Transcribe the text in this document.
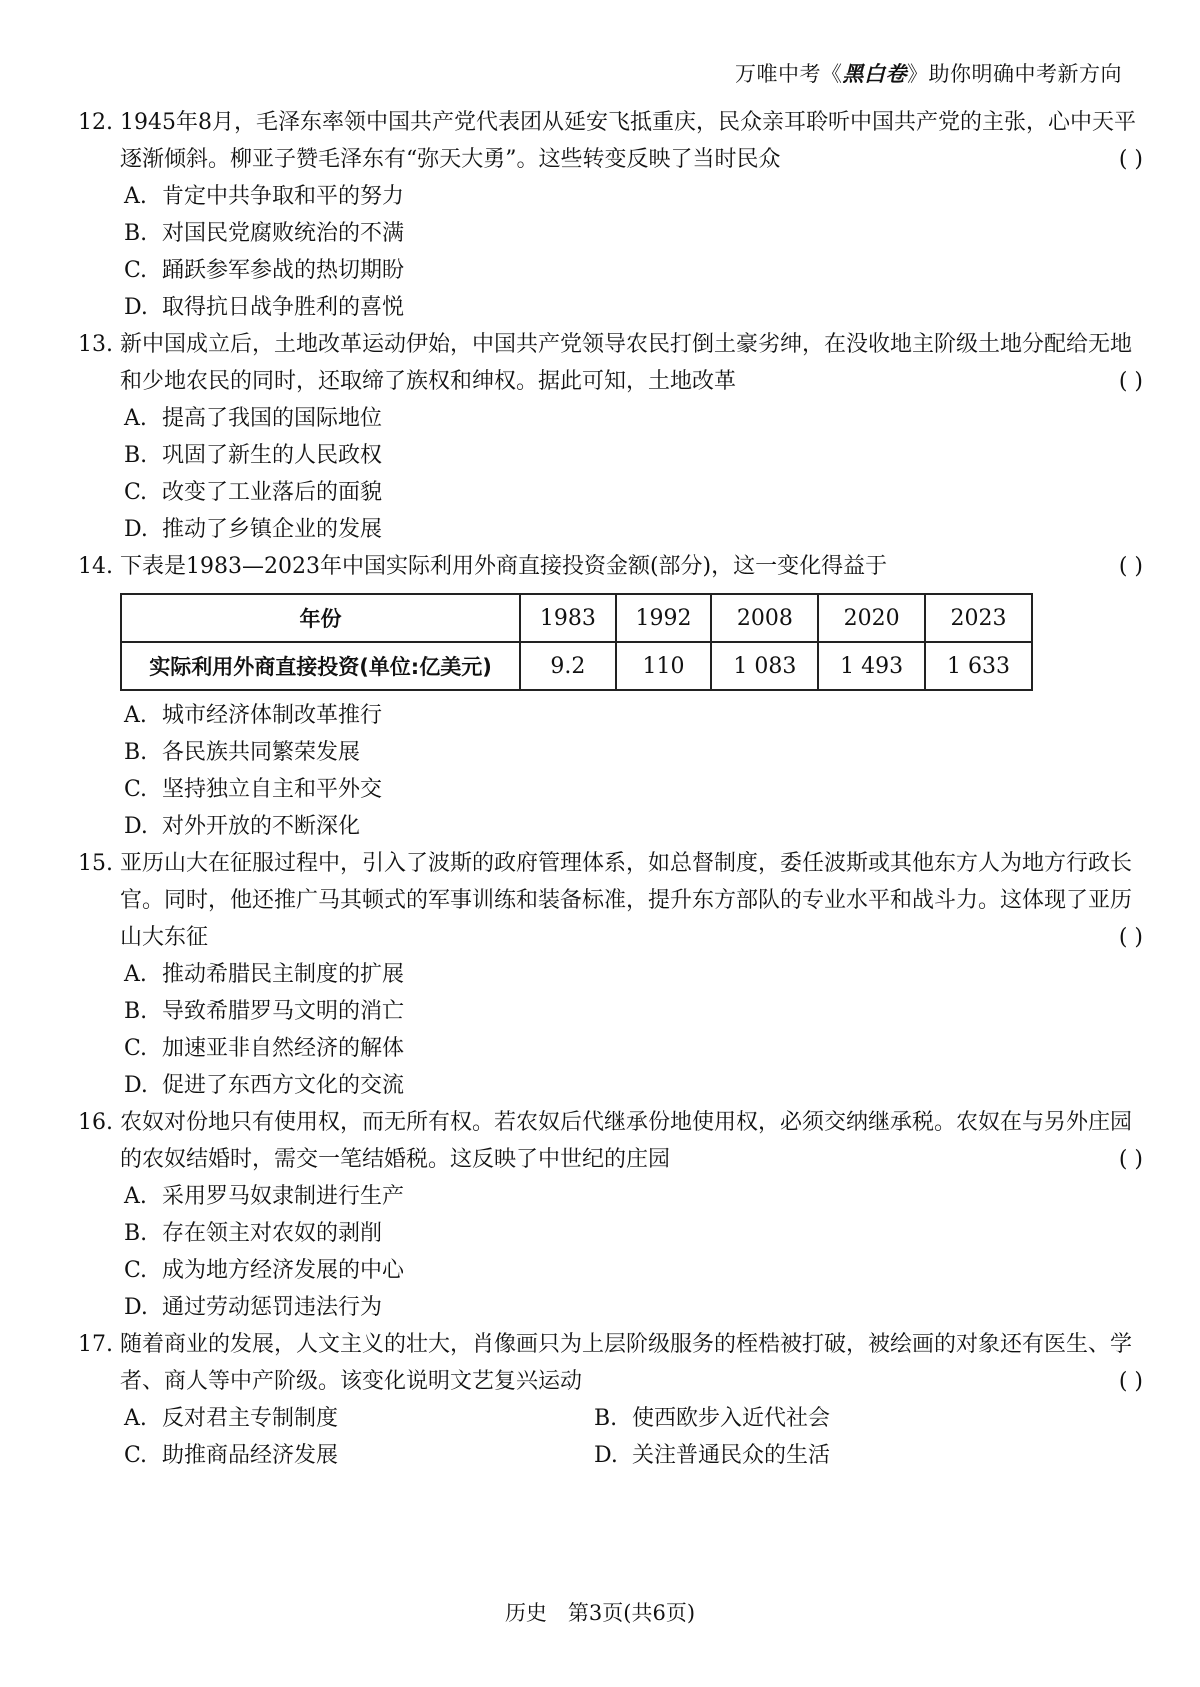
万唯中考《黑白卷》助你明确中考新方向
12. 1945年8月，毛泽东率领中国共产党代表团从延安飞抵重庆，民众亲耳聆听中国共产党的主张，心中天平逐渐倾斜。柳亚子赞毛泽东有“弥天大勇”。这些转变反映了当时民众	( )
A. 肯定中共争取和平的努力
B. 对国民党腐败统治的不满
C. 踊跃参军参战的热切期盼
D. 取得抗日战争胜利的喜悦
13. 新中国成立后，土地改革运动伊始，中国共产党领导农民打倒土豪劣绅，在没收地主阶级土地分配给无地和少地农民的同时，还取缔了族权和绅权。据此可知，土地改革	( )
A. 提高了我国的国际地位
B. 巩固了新生的人民政权
C. 改变了工业落后的面貌
D. 推动了乡镇企业的发展
14. 下表是1983—2023年中国实际利用外商直接投资金额(部分)，这一变化得益于	( )
年份	1983	1992	2008	2020	2023
实际利用外商直接投资(单位:亿美元)	9.2	110	1 083	1 493	1 633
A. 城市经济体制改革推行
B. 各民族共同繁荣发展
C. 坚持独立自主和平外交
D. 对外开放的不断深化
15. 亚历山大在征服过程中，引入了波斯的政府管理体系，如总督制度，委任波斯或其他东方人为地方行政长官。同时，他还推广马其顿式的军事训练和装备标准，提升东方部队的专业水平和战斗力。这体现了亚历山大东征	( )
A. 推动希腊民主制度的扩展
B. 导致希腊罗马文明的消亡
C. 加速亚非自然经济的解体
D. 促进了东西方文化的交流
16. 农奴对份地只有使用权，而无所有权。若农奴后代继承份地使用权，必须交纳继承税。农奴在与另外庄园的农奴结婚时，需交一笔结婚税。这反映了中世纪的庄园	( )
A. 采用罗马奴隶制进行生产
B. 存在领主对农奴的剥削
C. 成为地方经济发展的中心
D. 通过劳动惩罚违法行为
17. 随着商业的发展，人文主义的壮大，肖像画只为上层阶级服务的桎梏被打破，被绘画的对象还有医生、学者、商人等中产阶级。该变化说明文艺复兴运动	( )
A. 反对君主专制制度	B. 使西欧步入近代社会
C. 助推商品经济发展	D. 关注普通民众的生活
历史　第3页(共6页)
